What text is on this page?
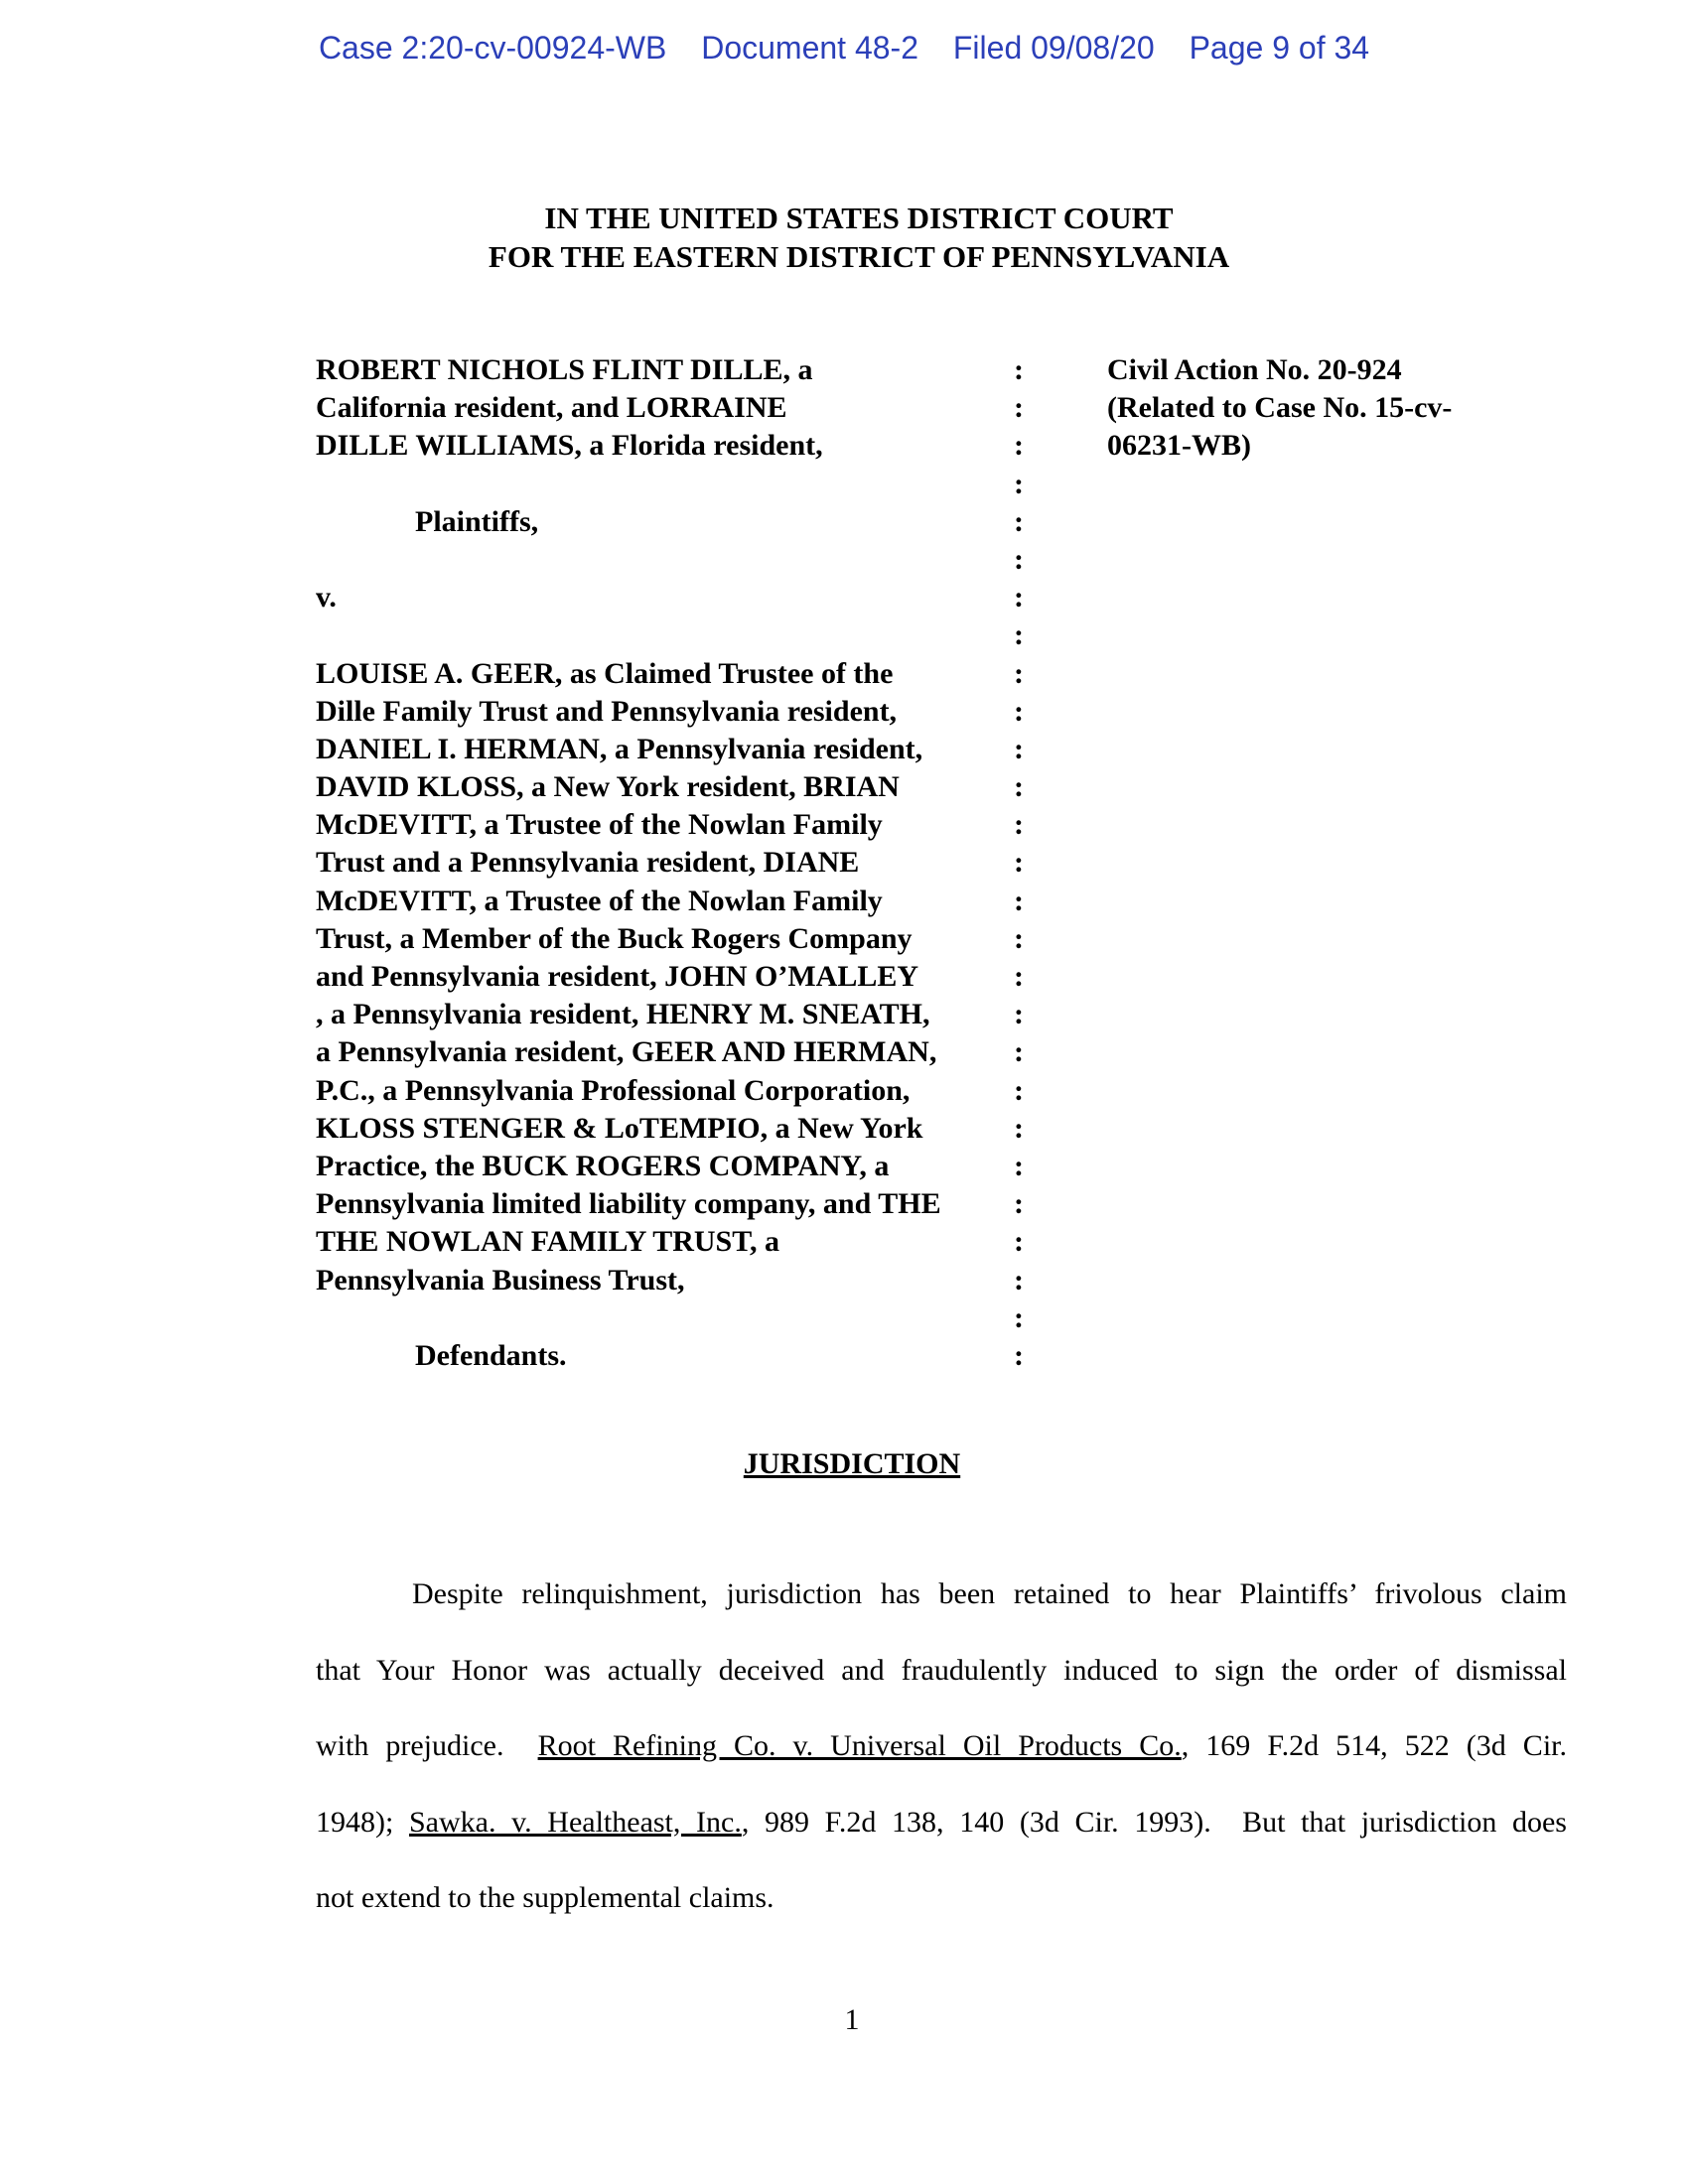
Case 2:20-cv-00924-WB Document 48-2 Filed 09/08/20 Page 9 of 34
IN THE UNITED STATES DISTRICT COURT
FOR THE EASTERN DISTRICT OF PENNSYLVANIA
ROBERT NICHOLS FLINT DILLE, a
California resident, and LORRAINE
DILLE WILLIAMS, a Florida resident,
Plaintiffs,
v.
LOUISE A. GEER, as Claimed Trustee of the
Dille Family Trust and Pennsylvania resident,
DANIEL I. HERMAN, a Pennsylvania resident,
DAVID KLOSS, a New York resident, BRIAN
McDEVITT, a Trustee of the Nowlan Family
Trust and a Pennsylvania resident, DIANE
McDEVITT, a Trustee of the Nowlan Family
Trust, a Member of the Buck Rogers Company
and Pennsylvania resident, JOHN O’MALLEY
, a Pennsylvania resident, HENRY M. SNEATH,
a Pennsylvania resident, GEER AND HERMAN,
P.C., a Pennsylvania Professional Corporation,
KLOSS STENGER & LoTEMPIO, a New York
Practice, the BUCK ROGERS COMPANY, a
Pennsylvania limited liability company, and THE
THE NOWLAN FAMILY TRUST, a
Pennsylvania Business Trust,
Defendants.
:
:
:
:
:
:
:
:
:
:
:
:
:
:
:
:
:
:
:
:
:
:
:
:
:
:
:
Civil Action No. 20-924
(Related to Case No. 15-cv-
06231-WB)
JURISDICTION
Despite relinquishment, jurisdiction has been retained to hear Plaintiffs’ frivolous claim
that Your Honor was actually deceived and fraudulently induced to sign the order of dismissal
with prejudice.  Root Refining Co. v. Universal Oil Products Co., 169 F.2d 514, 522 (3d Cir.
1948); Sawka. v. Healtheast, Inc., 989 F.2d 138, 140 (3d Cir. 1993).  But that jurisdiction does
not extend to the supplemental claims.
1
